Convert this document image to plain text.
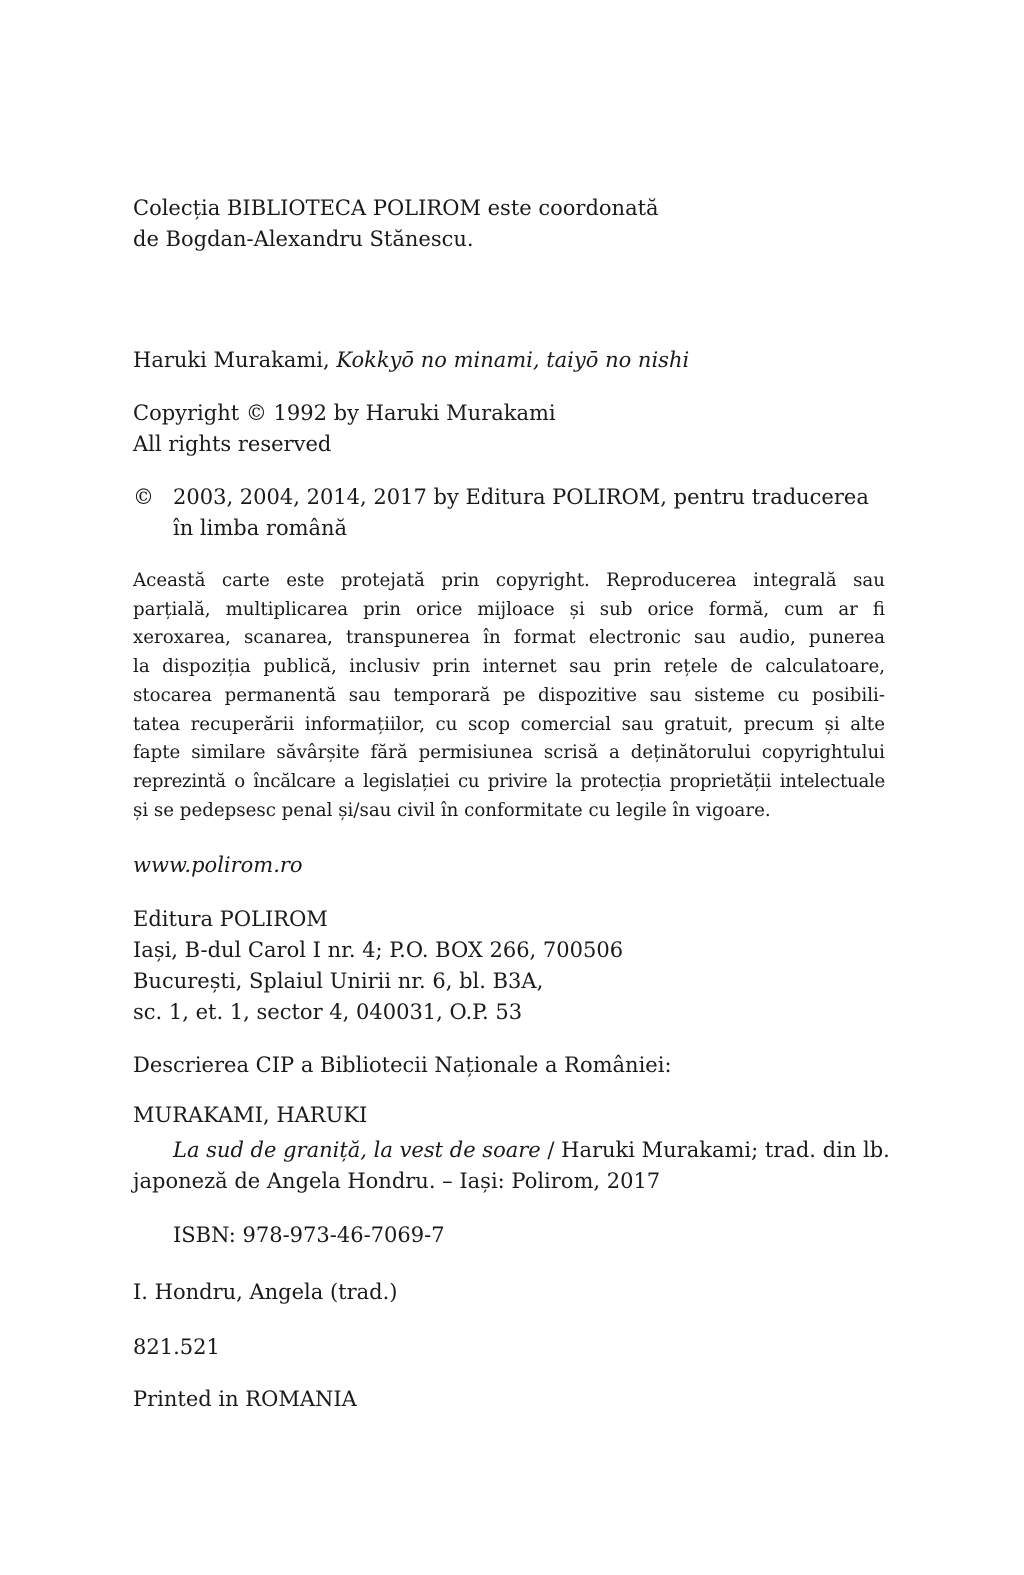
Colecția BIBLIOTECA POLIROM este coordonată

de Bogdan-Alexandru Stănescu.

Haruki Murakami, Kokkyō no minami, taiyō no nishi

Copyright © 1992 by Haruki Murakami

All rights reserved

© 2003, 2004, 2014, 2017 by Editura POLIROM, pentru traducerea

în limba română

Această carte este protejată prin copyright. Reproducerea integrală sau

parțială, multiplicarea prin orice mijloace și sub orice formă, cum ar fi

xeroxarea, scanarea, transpunerea în format electronic sau audio, punerea

la dispoziția publică, inclusiv prin internet sau prin rețele de calculatoare,

stocarea permanentă sau temporară pe dispozitive sau sisteme cu posibili-

tatea recuperării informațiilor, cu scop comercial sau gratuit, precum și alte

fapte similare săvârșite fără permisiunea scrisă a deținătorului copyrightului

reprezintă o încălcare a legislației cu privire la protecția proprietății intelectuale

și se pedepsesc penal și/sau civil în conformitate cu legile în vigoare.

www.polirom.ro

Editura POLIROM

Iași, B-dul Carol I nr. 4; P.O. BOX 266, 700506

București, Splaiul Unirii nr. 6, bl. B3A,

sc. 1, et. 1, sector 4, 040031, O.P. 53

Descrierea CIP a Bibliotecii Naționale a României:

MURAKAMI, HARUKI

La sud de graniță, la vest de soare / Haruki Murakami; trad. din lb.

japoneză de Angela Hondru. – Iași: Polirom, 2017

ISBN: 978-973-46-7069-7

I. Hondru, Angela (trad.)

821.521

Printed in ROMANIA
